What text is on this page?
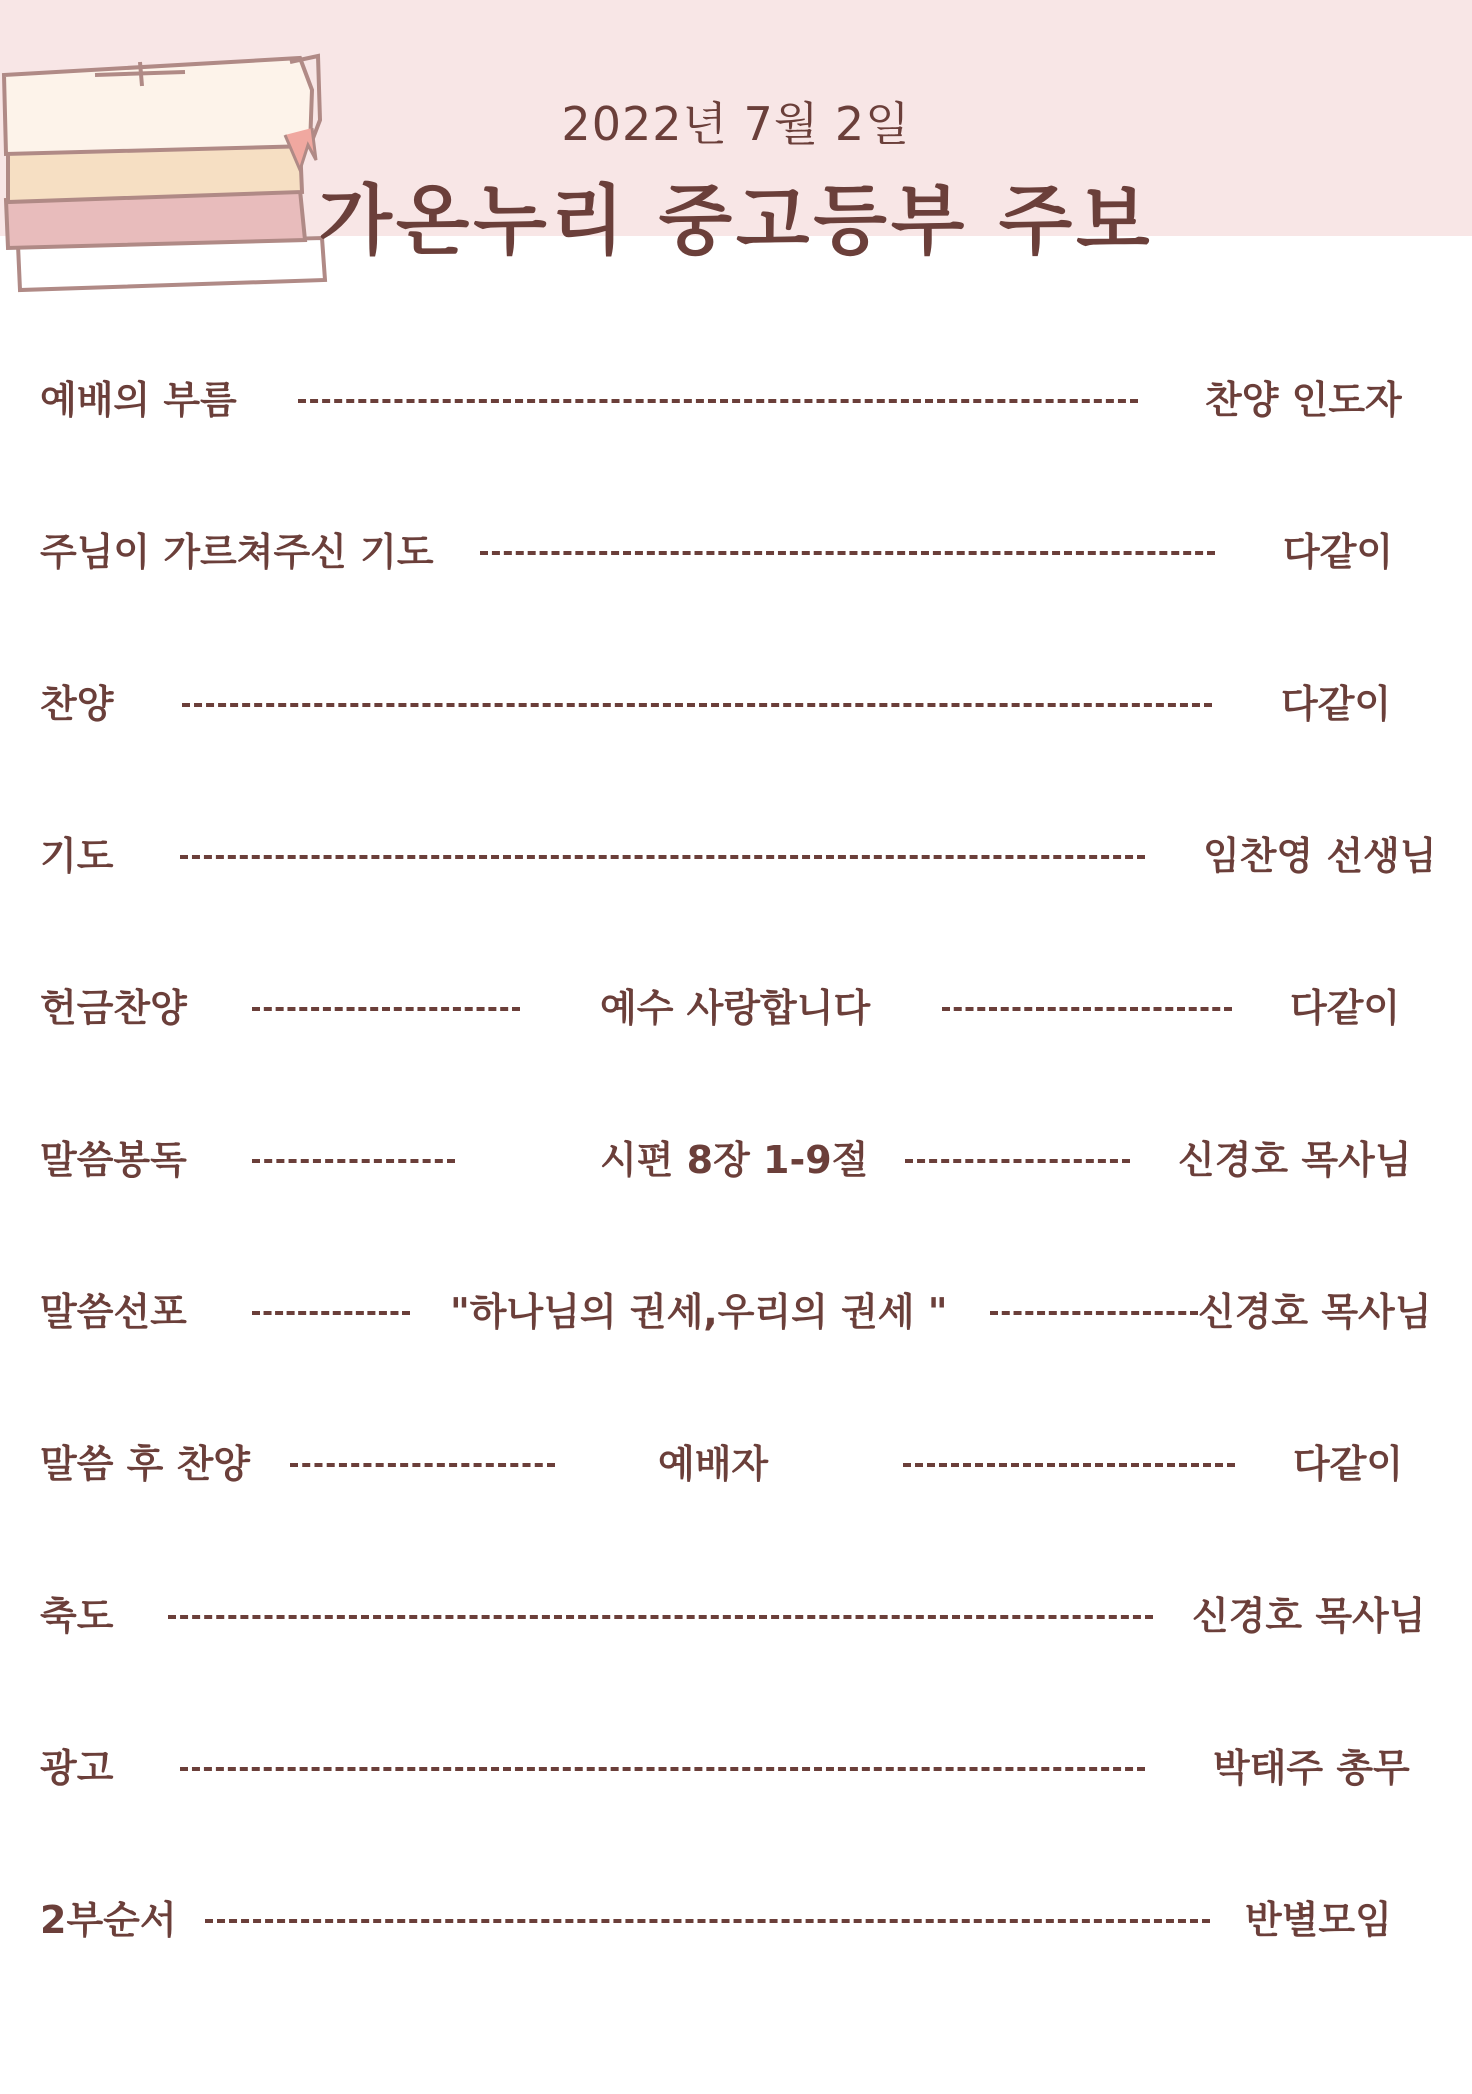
2022년 7월 2일
가온누리 중고등부 주보
예배의 부름	찬양 인도자
주님이 가르쳐주신 기도	다같이
찬양	다같이
기도	임찬영 선생님
헌금찬양	예수 사랑합니다	다같이
말씀봉독	시편 8장 1-9절	신경호 목사님
말씀선포	"하나님의 권세,우리의 권세 "	신경호 목사님
말씀 후 찬양	예배자	다같이
축도	신경호 목사님
광고	박태주 총무
2부순서	반별모임
